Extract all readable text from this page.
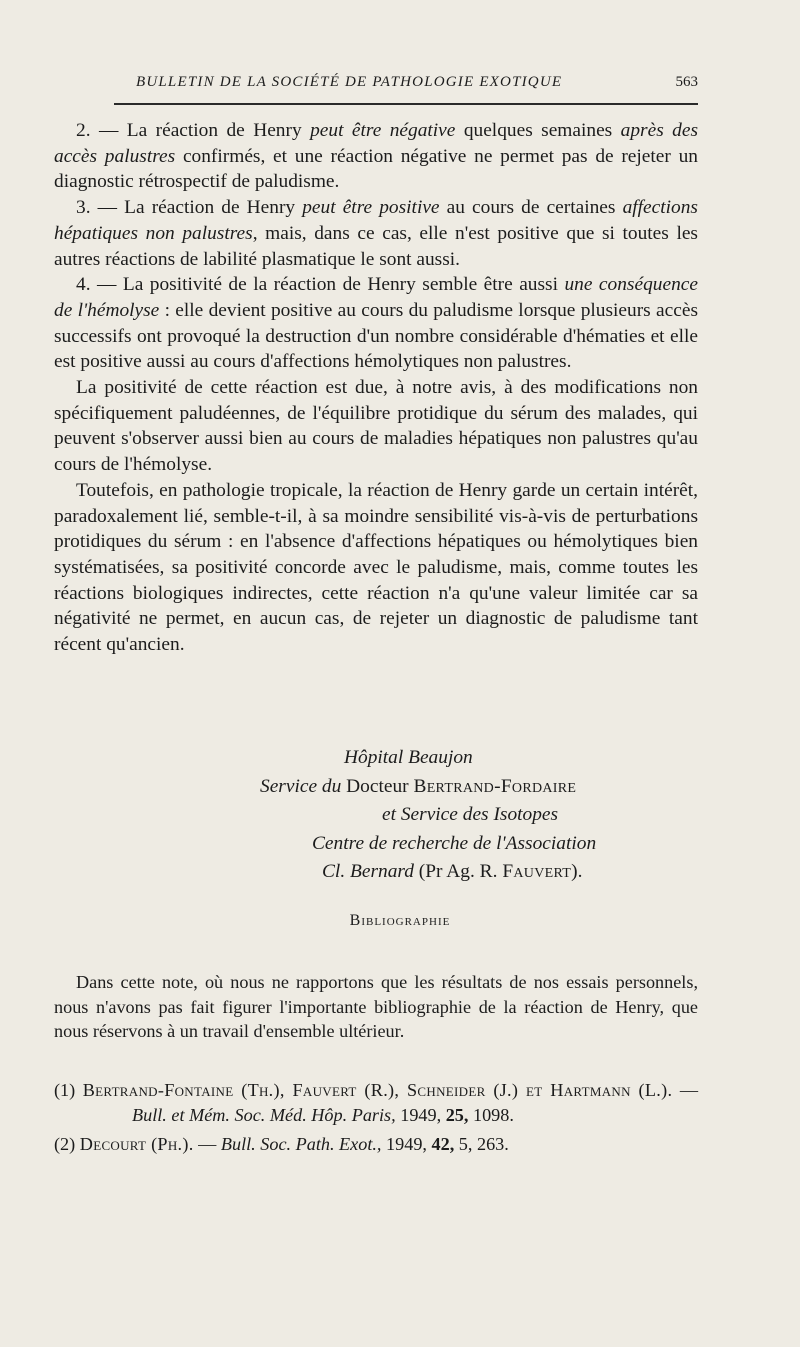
BULLETIN DE LA SOCIÉTÉ DE PATHOLOGIE EXOTIQUE	563

2. — La réaction de Henry peut être négative quelques semaines après des accès palustres confirmés, et une réaction négative ne permet pas de rejeter un diagnostic rétrospectif de paludisme.

3. — La réaction de Henry peut être positive au cours de certaines affections hépatiques non palustres, mais, dans ce cas, elle n'est positive que si toutes les autres réactions de labilité plasmatique le sont aussi.

4. — La positivité de la réaction de Henry semble être aussi une conséquence de l'hémolyse : elle devient positive au cours du paludisme lorsque plusieurs accès successifs ont provoqué la destruction d'un nombre considérable d'hématies et elle est positive aussi au cours d'affections hémolytiques non palustres.

La positivité de cette réaction est due, à notre avis, à des modifications non spécifiquement paludéennes, de l'équilibre protidique du sérum des malades, qui peuvent s'observer aussi bien au cours de maladies hépatiques non palustres qu'au cours de l'hémolyse.

Toutefois, en pathologie tropicale, la réaction de Henry garde un certain intérêt, paradoxalement lié, semble-t-il, à sa moindre sensibilité vis-à-vis de perturbations protidiques du sérum : en l'absence d'affections hépatiques ou hémolytiques bien systématisées, sa positivité concorde avec le paludisme, mais, comme toutes les réactions biologiques indirectes, cette réaction n'a qu'une valeur limitée car sa négativité ne permet, en aucun cas, de rejeter un diagnostic de paludisme tant récent qu'ancien.

Hôpital Beaujon
Service du Docteur Bertrand-Fordaire
et Service des Isotopes
Centre de recherche de l'Association
Cl. Bernard (Pr Ag. R. Fauvert).
Bibliographie

Dans cette note, où nous ne rapportons que les résultats de nos essais personnels, nous n'avons pas fait figurer l'importante bibliographie de la réaction de Henry, que nous réservons à un travail d'ensemble ultérieur.

(1) Bertrand-Fontaine (Th.), Fauvert (R.), Schneider (J.) et Hartmann (L.). — Bull. et Mém. Soc. Méd. Hôp. Paris, 1949, 25, 1098.

(2) Decourt (Ph.). — Bull. Soc. Path. Exot., 1949, 42, 5, 263.
